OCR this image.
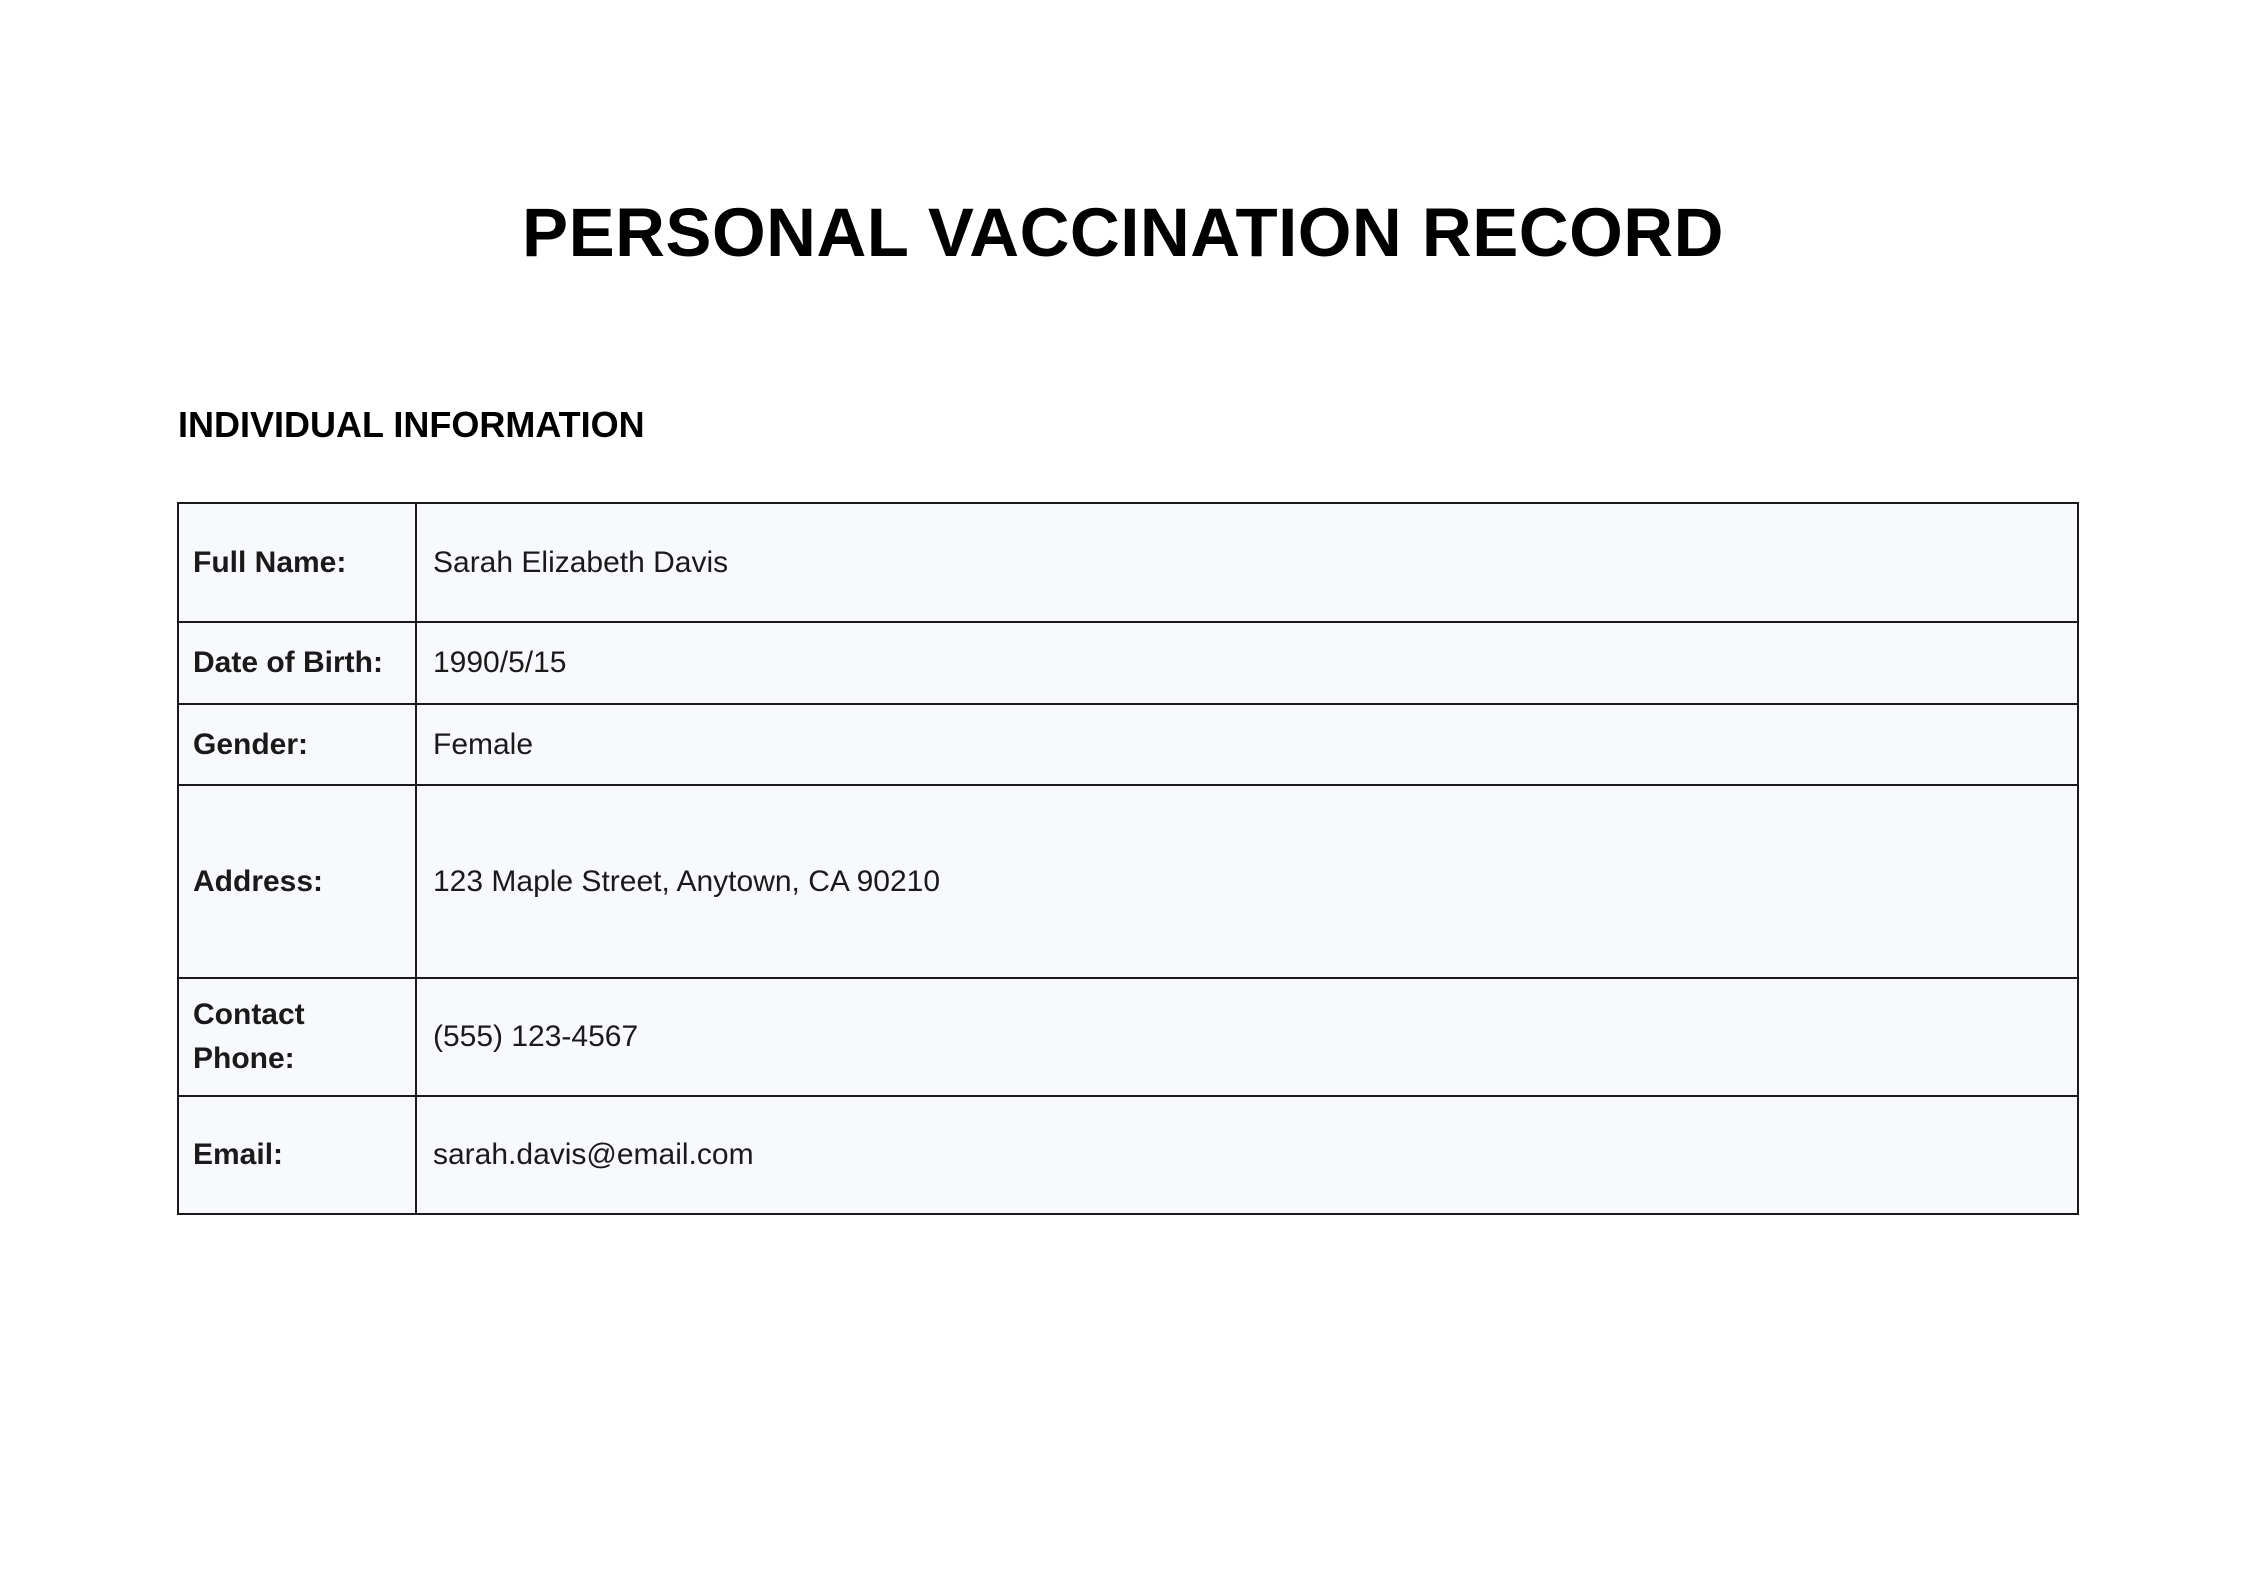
PERSONAL VACCINATION RECORD
INDIVIDUAL INFORMATION
Full Name:	Sarah Elizabeth Davis
Date of Birth:	1990/5/15
Gender:	Female
Address:	123 Maple Street, Anytown, CA 90210
Contact Phone:	(555) 123-4567
Email:	sarah.davis@email.com
